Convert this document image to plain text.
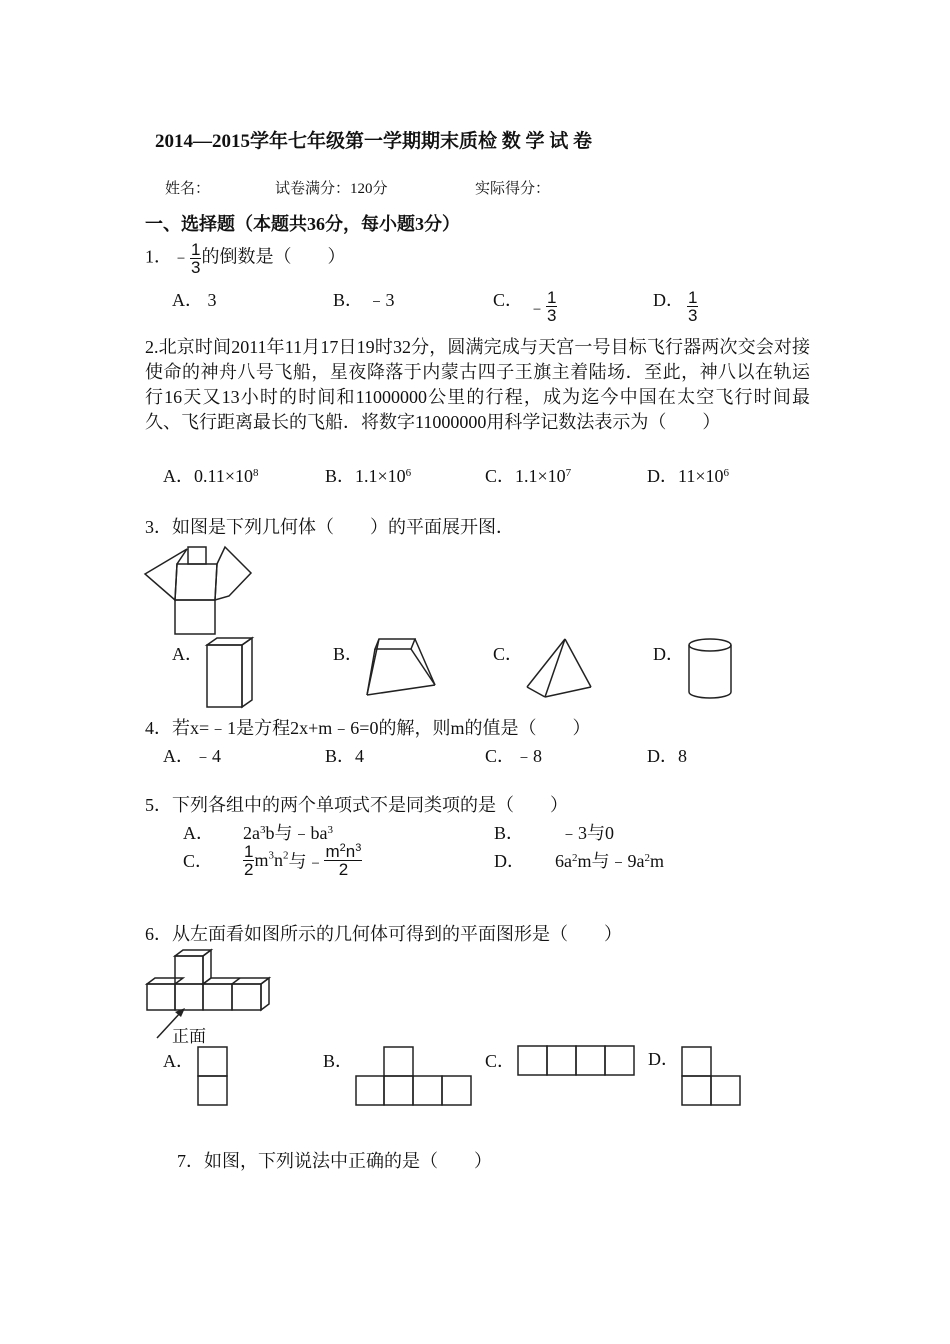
2014—2015学年七年级第一学期期末质检 数 学 试 卷
姓名：	试卷满分：120分	实际得分：
一、选择题（本题共36分，每小题3分）
1．﹣ $\frac{1}{3}$ 的倒数是（　　）
A． 3	B． ﹣3	C． ﹣ $\frac{1}{3}$	D． $\frac{1}{3}$
2.北京时间2011年11月17日19时32分，圆满完成与天宫一号目标飞行器两次交会对接使命的神舟八号飞船，星夜降落于内蒙古四子王旗主着陆场．至此，神八以在轨运行16天又13小时的时间和11000000公里的行程，成为迄今中国在太空飞行时间最久、飞行距离最长的飞船．将数字11000000用科学记数法表示为（　　）
A．$0.11\times 10^8$	B．$1.1\times 10^6$	C．$1.1\times 10^7$	D．$11\times 10^6$
3．如图是下列几何体（　　）的平面展开图．
A．	B．	C．	D．
4．若x=﹣1是方程2x+m﹣6=0的解，则m的值是（　　）
A．﹣4	B．4	C．﹣8	D．8
5．下列各组中的两个单项式不是同类项的是（　　）
A． $2a^3b$与$﹣ba^3$	B． ﹣3与0
C． $\frac{1}{2} m^3n^2$与﹣ $\frac{m^2n^3}{2}$	D． $6a^2m$与$﹣9a^2m$
6．从左面看如图所示的几何体可得到的平面图形是（　　）
正面
A．	B．	C．	D．
7．如图，下列说法中正确的是（　　）
